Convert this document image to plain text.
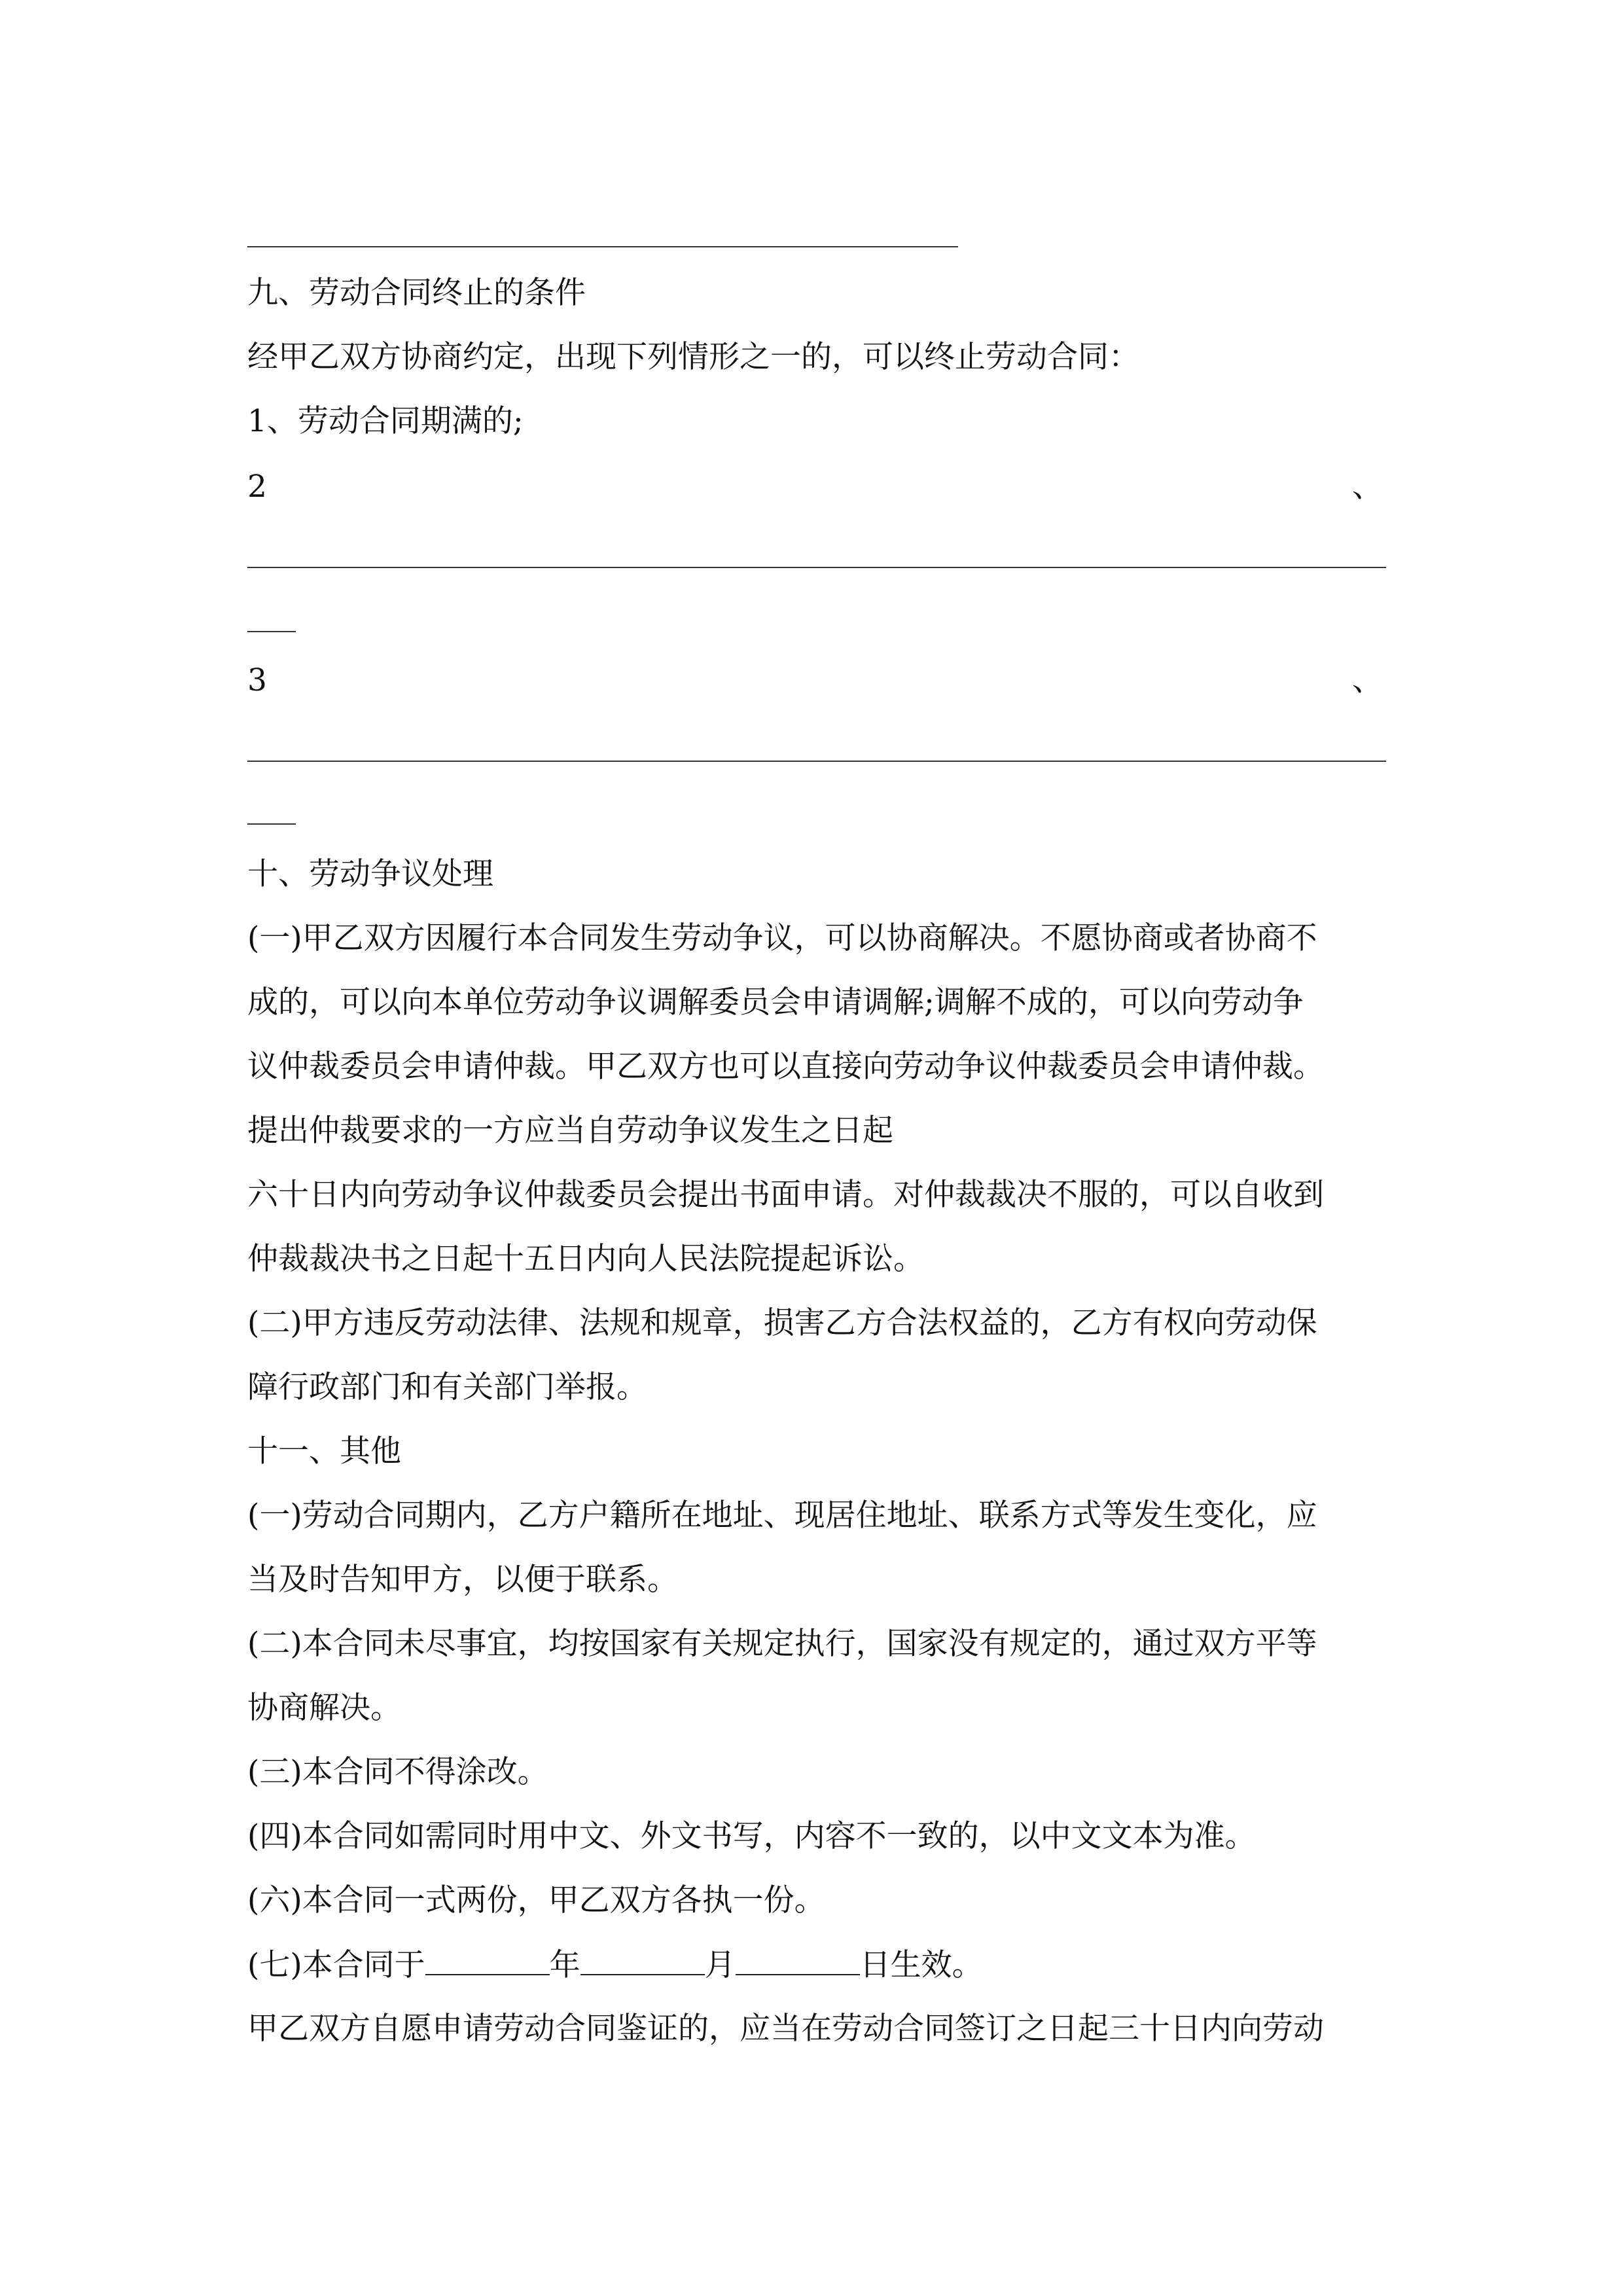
九、劳动合同终止的条件
经甲乙双方协商约定，出现下列情形之一的，可以终止劳动合同：
1、劳动合同期满的;
2	、
3	、
十、劳动争议处理
(一)甲乙双方因履行本合同发生劳动争议，可以协商解决。不愿协商或者协商不
成的，可以向本单位劳动争议调解委员会申请调解;调解不成的，可以向劳动争
议仲裁委员会申请仲裁。甲乙双方也可以直接向劳动争议仲裁委员会申请仲裁。
提出仲裁要求的一方应当自劳动争议发生之日起
六十日内向劳动争议仲裁委员会提出书面申请。对仲裁裁决不服的，可以自收到
仲裁裁决书之日起十五日内向人民法院提起诉讼。
(二)甲方违反劳动法律、法规和规章，损害乙方合法权益的，乙方有权向劳动保
障行政部门和有关部门举报。
十一、其他
(一)劳动合同期内，乙方户籍所在地址、现居住地址、联系方式等发生变化，应
当及时告知甲方，以便于联系。
(二)本合同未尽事宜，均按国家有关规定执行，国家没有规定的，通过双方平等
协商解决。
(三)本合同不得涂改。
(四)本合同如需同时用中文、外文书写，内容不一致的，以中文文本为准。
(六)本合同一式两份，甲乙双方各执一份。
(七)本合同于	年	月	日生效。
甲乙双方自愿申请劳动合同鉴证的，应当在劳动合同签订之日起三十日内向劳动
